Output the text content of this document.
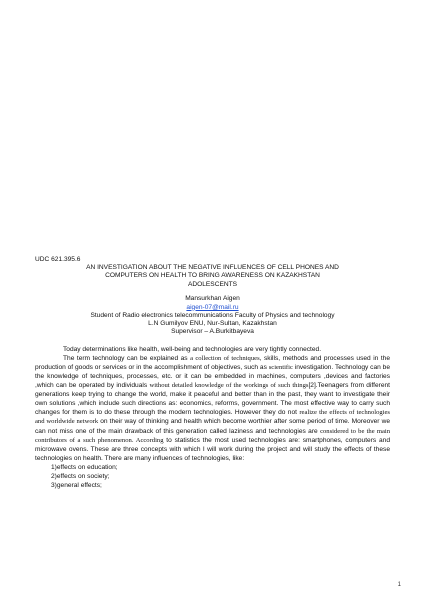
UDC 621.395.6

AN INVESTIGATION ABOUT THE NEGATIVE INFLUENCES OF CELL PHONES AND

COMPUTERS ON HEALTH TO BRING AWARENESS ON KAZAKHSTAN

ADOLESCENTS

Mansurkhan Aigen
aigen-07@mail.ru
Student of Radio electronics telecommunications Faculty of Physics and technology
L.N Gumilyov ENU, Nur-Sultan, Kazakhstan
Supervisor – A.Burkitbayeva

Today determinations like health, well-being and technologies are very tightly connected.

The term technology can be explained as a collection of techniques, skills, methods and processes used in the production of goods or services or in the accomplishment of objectives, such as scientific investigation. Technology can be the knowledge of techniques, processes, etc. or it can be embedded in machines, computers ,devices and factories ,which can be operated by individuals without detailed knowledge of the workings of such things[2].Teenagers from different generations keep trying to change the world, make it peaceful and better than in the past, they want to investigate their own solutions ,which include such directions as: economics, reforms, government. The most effective way to carry such changes for them is to do these through the modern technologies. However they do not realize the effects of technologies and worldwide network on their way of thinking and health which become worthier after some period of time. Moreover we can not miss one of the main drawback of this generation called laziness and technologies are considered to be the main contributors of a such phenomenon. According to statistics the most used technologies are: smartphones, computers and microwave ovens. These are three concepts with which I will work during the project and will study the effects of these technologies on health. There are many influences of technologies, like:

1)effects on education;
2)effects on society;
3)general effects;
1
